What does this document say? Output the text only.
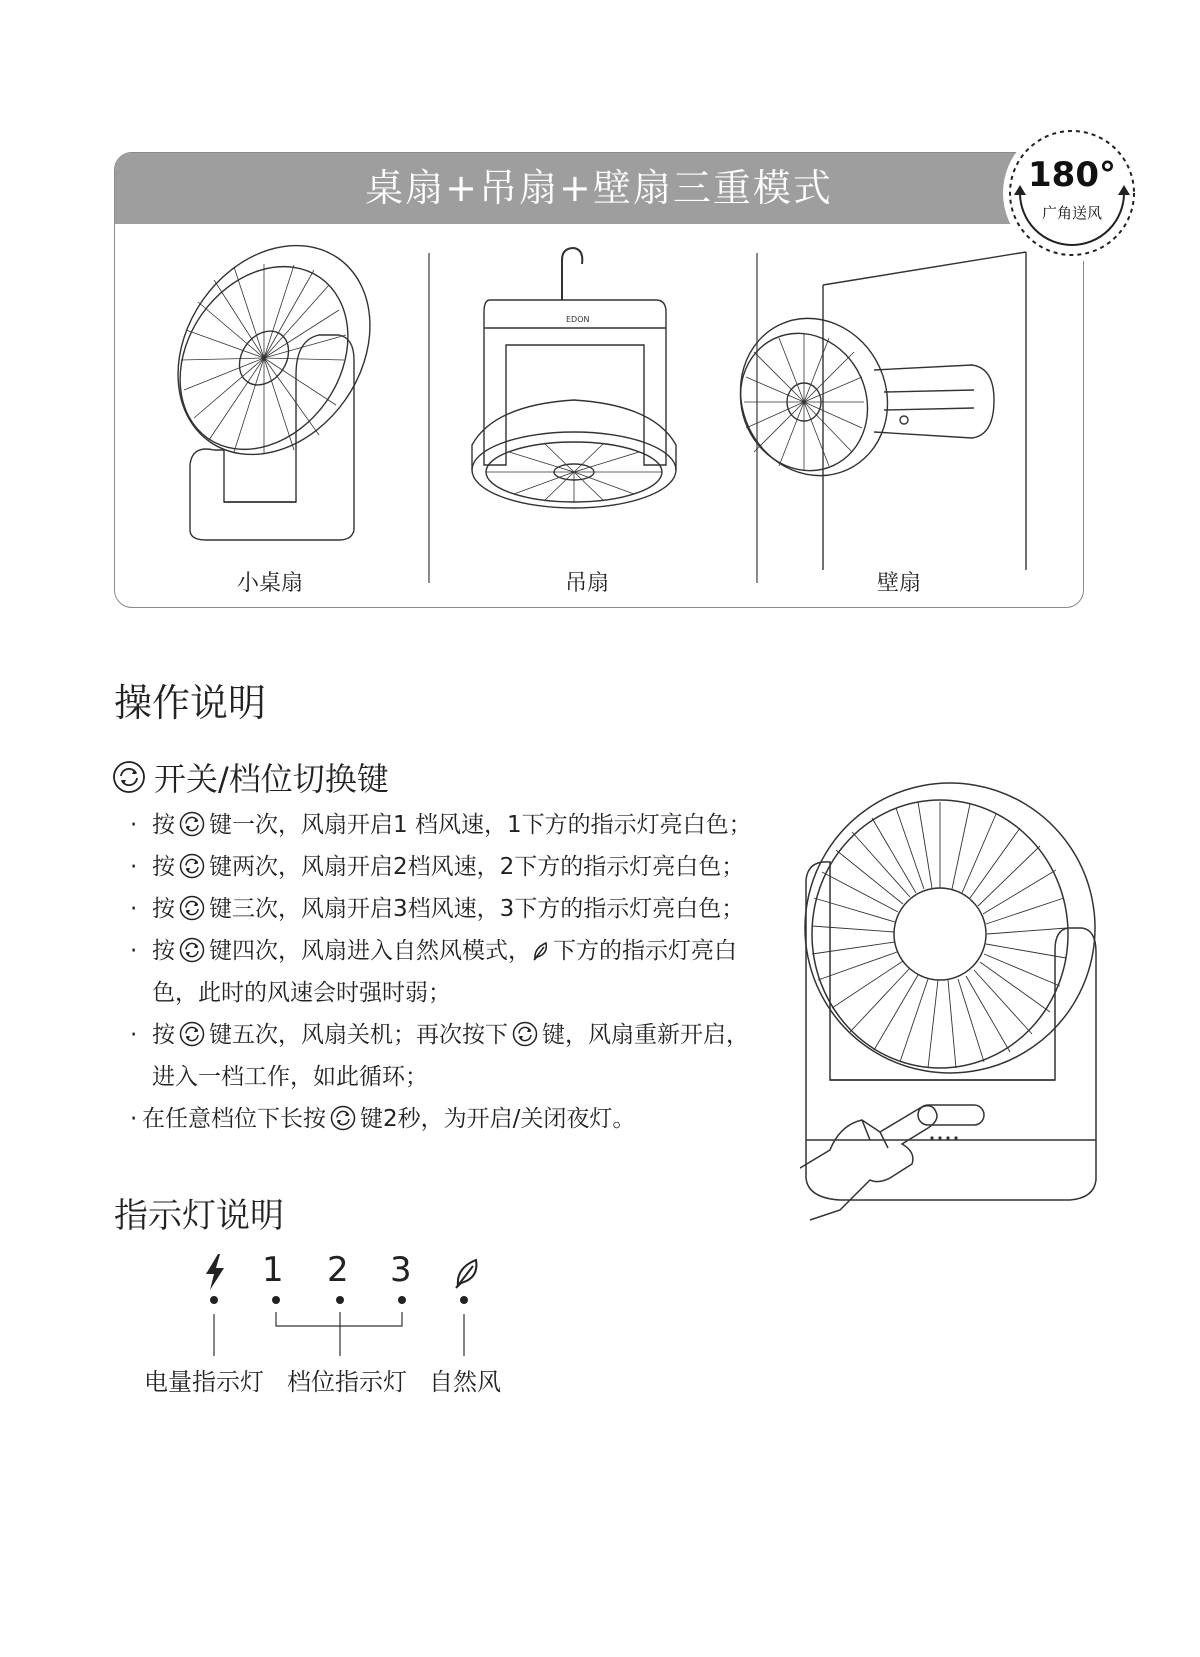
桌扇+吊扇+壁扇三重模式
小桌扇	吊扇	壁扇
EDON
180°
广角送风
操作说明
开关/档位切换键
· 按 键一次，风扇开启1 档风速，1下方的指示灯亮白色；
· 按 键两次，风扇开启2档风速，2下方的指示灯亮白色；
· 按 键三次，风扇开启3档风速，3下方的指示灯亮白色；
· 按 键四次，风扇进入自然风模式， 下方的指示灯亮白
色，此时的风速会时强时弱；
· 按 键五次，风扇关机；再次按下 键，风扇重新开启，
进入一档工作，如此循环；
· 在任意档位下长按 键2秒，为开启/关闭夜灯。
指示灯说明
1 2 3
电量指示灯 档位指示灯 自然风
